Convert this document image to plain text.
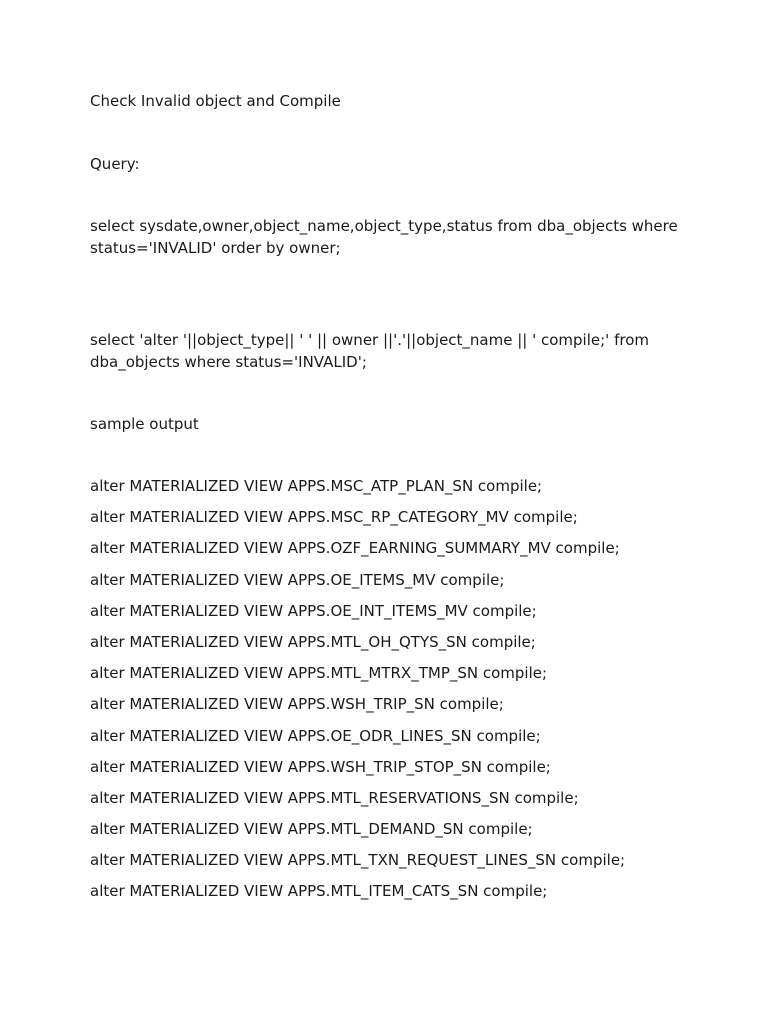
Check Invalid object and Compile
Query:
select sysdate,owner,object_name,object_type,status from dba_objects where status='INVALID' order by owner;
select 'alter '||object_type|| ' ' || owner ||'.'||object_name || ' compile;' from dba_objects where status='INVALID';
sample output
alter MATERIALIZED VIEW APPS.MSC_ATP_PLAN_SN compile;
alter MATERIALIZED VIEW APPS.MSC_RP_CATEGORY_MV compile;
alter MATERIALIZED VIEW APPS.OZF_EARNING_SUMMARY_MV compile;
alter MATERIALIZED VIEW APPS.OE_ITEMS_MV compile;
alter MATERIALIZED VIEW APPS.OE_INT_ITEMS_MV compile;
alter MATERIALIZED VIEW APPS.MTL_OH_QTYS_SN compile;
alter MATERIALIZED VIEW APPS.MTL_MTRX_TMP_SN compile;
alter MATERIALIZED VIEW APPS.WSH_TRIP_SN compile;
alter MATERIALIZED VIEW APPS.OE_ODR_LINES_SN compile;
alter MATERIALIZED VIEW APPS.WSH_TRIP_STOP_SN compile;
alter MATERIALIZED VIEW APPS.MTL_RESERVATIONS_SN compile;
alter MATERIALIZED VIEW APPS.MTL_DEMAND_SN compile;
alter MATERIALIZED VIEW APPS.MTL_TXN_REQUEST_LINES_SN compile;
alter MATERIALIZED VIEW APPS.MTL_ITEM_CATS_SN compile;
